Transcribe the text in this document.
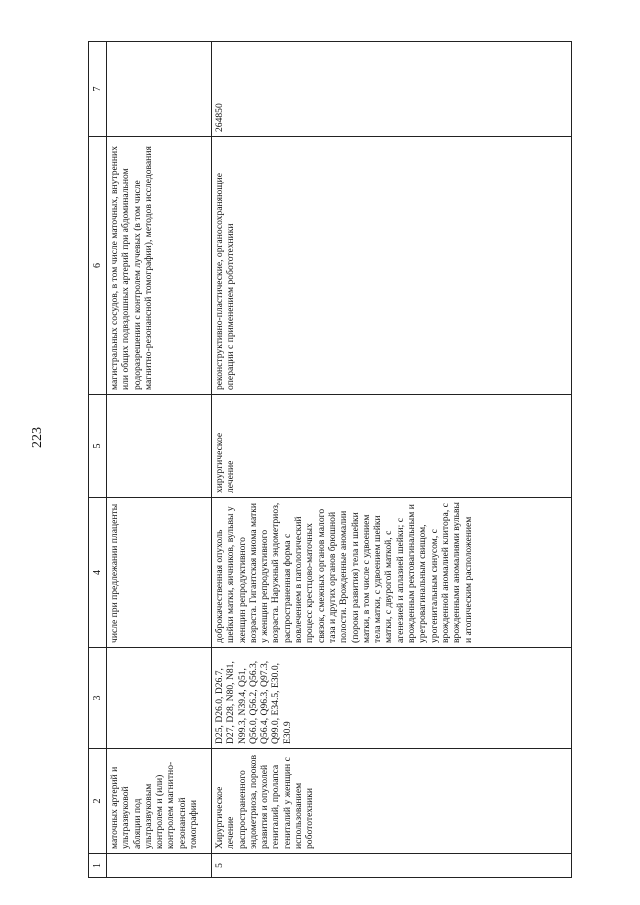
223
1	2	3	4	5	6	7
	маточных артерий и ультразвуковой абляции под ультразвуковым контролем и (или) контролем магнитно-резонансной томографии		числе при предлежании плаценты		магистральных сосудов, в том числе маточных, внутренних или общих подвздошных артерий при абдоминальном родоразрешении с контролем лучевых (в том числе магнитно-резонансной томографии), методов исследования	
5	Хирургическое лечение распространенного эндометриоза, пороков развития и опухолей гениталий, пролапса гениталий у женщин с использованием робототехники	D25, D26.0, D26.7, D27, D28, N80, N81, N99.3, N39.4, Q51, Q56.0, Q56.2, Q56.3, Q56.4, Q96.3, Q97.3, Q99.0, E34.5, E30.0, E30.9	доброкачественная опухоль шейки матки, яичников, вульвы у женщин репродуктивного возраста. Гигантская миома матки у женщин репродуктивного возраста. Наружный эндометриоз, распространенная форма с вовлечением в патологический процесс крестцово-маточных связок, смежных органов малого таза и других органов брюшной полости. Врожденные аномалии (пороки развития) тела и шейки матки, в том числе с удвоением тела матки, с удвоением шейки матки, с двурогой маткой, с агенезией и аплазией шейки; с врожденным ректовагинальным и уретровагинальным свищом, урогенитальным синусом, с врожденной аномалией клитора, с врожденными аномалиями вульвы и атопическим расположением	хирургическое лечение	реконструктивно-пластические, органосохраняющие операции с применением робототехники	264850
